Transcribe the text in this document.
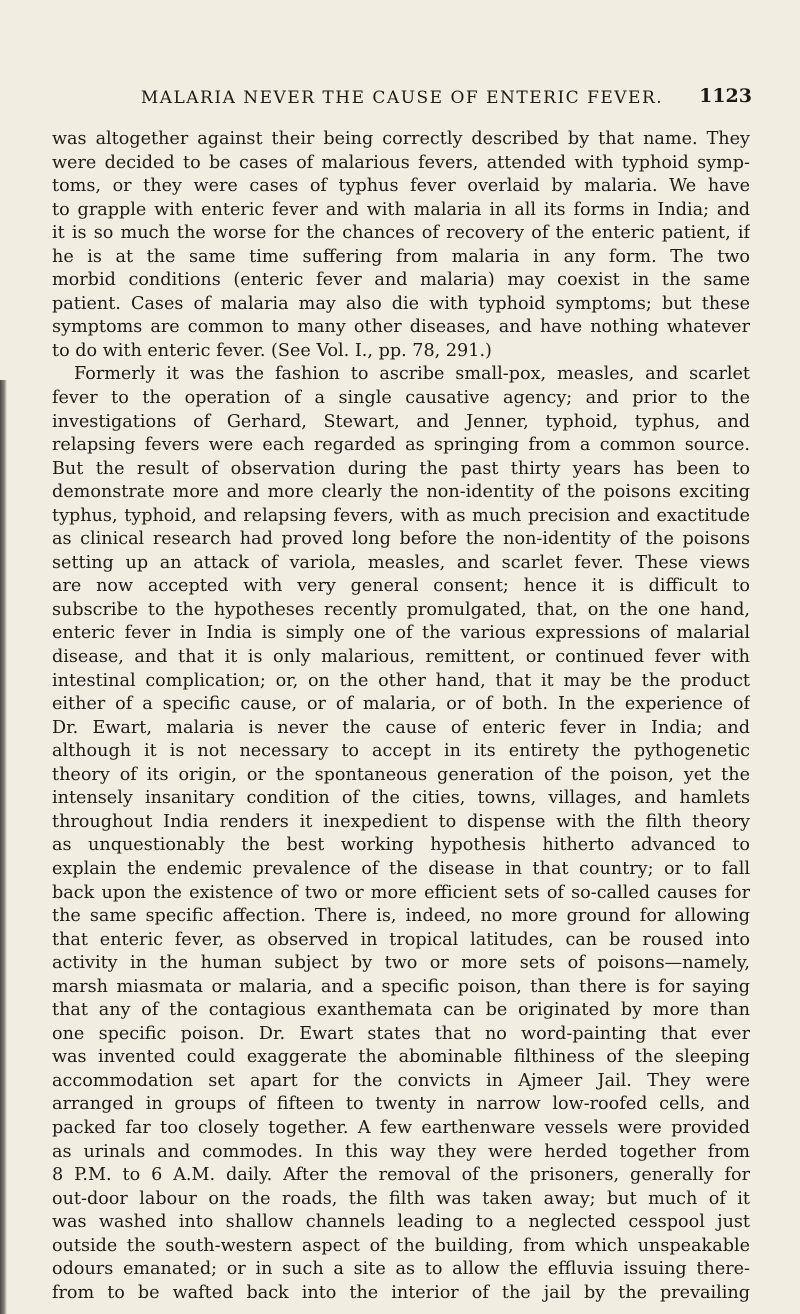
MALARIA NEVER THE CAUSE OF ENTERIC FEVER.	1123
was altogether against their being correctly described by that name. They
were decided to be cases of malarious fevers, attended with typhoid symp-
toms, or they were cases of typhus fever overlaid by malaria. We have
to grapple with enteric fever and with malaria in all its forms in India; and
it is so much the worse for the chances of recovery of the enteric patient, if
he is at the same time suffering from malaria in any form. The two
morbid conditions (enteric fever and malaria) may coexist in the same
patient. Cases of malaria may also die with typhoid symptoms; but these
symptoms are common to many other diseases, and have nothing whatever
to do with enteric fever. (See Vol. I., pp. 78, 291.)
Formerly it was the fashion to ascribe small-pox, measles, and scarlet
fever to the operation of a single causative agency; and prior to the
investigations of Gerhard, Stewart, and Jenner, typhoid, typhus, and
relapsing fevers were each regarded as springing from a common source.
But the result of observation during the past thirty years has been to
demonstrate more and more clearly the non-identity of the poisons exciting
typhus, typhoid, and relapsing fevers, with as much precision and exactitude
as clinical research had proved long before the non-identity of the poisons
setting up an attack of variola, measles, and scarlet fever. These views
are now accepted with very general consent; hence it is difficult to
subscribe to the hypotheses recently promulgated, that, on the one hand,
enteric fever in India is simply one of the various expressions of malarial
disease, and that it is only malarious, remittent, or continued fever with
intestinal complication; or, on the other hand, that it may be the product
either of a specific cause, or of malaria, or of both. In the experience of
Dr. Ewart, malaria is never the cause of enteric fever in India; and
although it is not necessary to accept in its entirety the pythogenetic
theory of its origin, or the spontaneous generation of the poison, yet the
intensely insanitary condition of the cities, towns, villages, and hamlets
throughout India renders it inexpedient to dispense with the filth theory
as unquestionably the best working hypothesis hitherto advanced to
explain the endemic prevalence of the disease in that country; or to fall
back upon the existence of two or more efficient sets of so-called causes for
the same specific affection. There is, indeed, no more ground for allowing
that enteric fever, as observed in tropical latitudes, can be roused into
activity in the human subject by two or more sets of poisons—namely,
marsh miasmata or malaria, and a specific poison, than there is for saying
that any of the contagious exanthemata can be originated by more than
one specific poison. Dr. Ewart states that no word-painting that ever
was invented could exaggerate the abominable filthiness of the sleeping
accommodation set apart for the convicts in Ajmeer Jail. They were
arranged in groups of fifteen to twenty in narrow low-roofed cells, and
packed far too closely together. A few earthenware vessels were provided
as urinals and commodes. In this way they were herded together from
8 P.M. to 6 A.M. daily. After the removal of the prisoners, generally for
out-door labour on the roads, the filth was taken away; but much of it
was washed into shallow channels leading to a neglected cesspool just
outside the south-western aspect of the building, from which unspeakable
odours emanated; or in such a site as to allow the effluvia issuing there-
from to be wafted back into the interior of the jail by the prevailing
